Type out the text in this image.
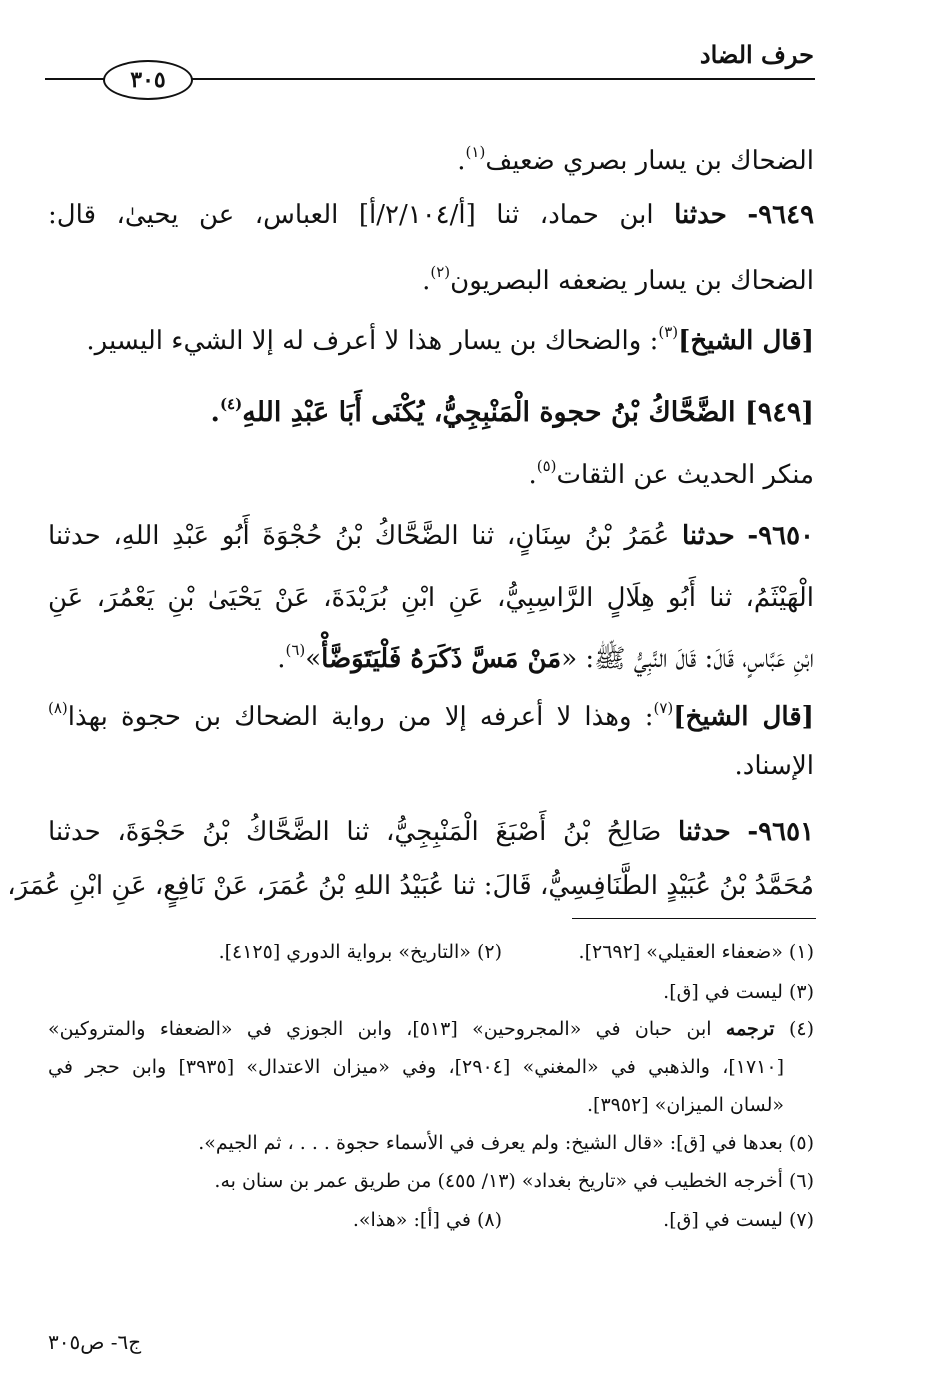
حرف الضاد
٣٠٥
الضحاك بن يسار بصري ضعيف$^{(١)}$.
٩٦٤٩- حدثنا ابن حماد، ثنا [أ/٢/١٠٤/أ] العباس، عن يحيىٰ، قال:
الضحاك بن يسار يضعفه البصريون$^{(٢)}$.
[قال الشيخ]$^{(٣)}$: والضحاك بن يسار هذا لا أعرف له إلا الشيء اليسير.
[٩٤٩] الضَّحَّاكُ بْنُ حجوة الْمَنْبِجِيُّ، يُكْنَى أَبَا عَبْدِ اللهِ$^{(٤)}$.
منكر الحديث عن الثقات$^{(٥)}$.
٩٦٥٠- حدثنا عُمَرُ بْنُ سِنَانٍ، ثنا الضَّحَّاكُ بْنُ حُجْوَةَ أَبُو عَبْدِ اللهِ، حدثنا
الْهَيْثَمُ، ثنا أَبُو هِلَالٍ الرَّاسِبِيُّ، عَنِ ابْنِ بُرَيْدَةَ، عَنْ يَحْيَىٰ بْنِ يَعْمُرَ، عَنِ
ابْنِ عَبَّاسٍ، قَالَ: قَالَ النَّبِيُّ ﷺ: «مَنْ مَسَّ ذَكَرَهُ فَلْيَتَوَضَّأْ»$^{(٦)}$.
[قال الشيخ]$^{(٧)}$: وهذا لا أعرفه إلا من رواية الضحاك بن حجوة بهذا$^{(٨)}$
الإسناد.
٩٦٥١- حدثنا صَالِحُ بْنُ أَصْبَغَ الْمَنْبِجِيُّ، ثنا الضَّحَّاكُ بْنُ حَجْوَةَ، حدثنا
مُحَمَّدُ بْنُ عُبَيْدٍ الطَّنَافِسِيُّ، قَالَ: ثنا عُبَيْدُ اللهِ بْنُ عُمَرَ، عَنْ نَافِعٍ، عَنِ ابْنِ عُمَرَ،
(١) «ضعفاء العقيلي» [٢٦٩٢].
(٢) «التاريخ» برواية الدوري [٤١٢٥].
(٣) ليست في [ق].
(٤) ترجمه ابن حبان في «المجروحين» [٥١٣]، وابن الجوزي في «الضعفاء والمتروكين»
[١٧١٠]، والذهبي في «المغني» [٢٩٠٤]، وفي «ميزان الاعتدال» [٣٩٣٥] وابن حجر في
«لسان الميزان» [٣٩٥٢].
(٥) بعدها في [ق]: «قال الشيخ: ولم يعرف في الأسماء حجوة . . . ، ثم الجيم».
(٦) أخرجه الخطيب في «تاريخ بغداد» (١٣/ ٤٥٥) من طريق عمر بن سنان به.
(٧) ليست في [ق].
(٨) في [أ]: «هذا».
ج٦- ص٣٠٥
